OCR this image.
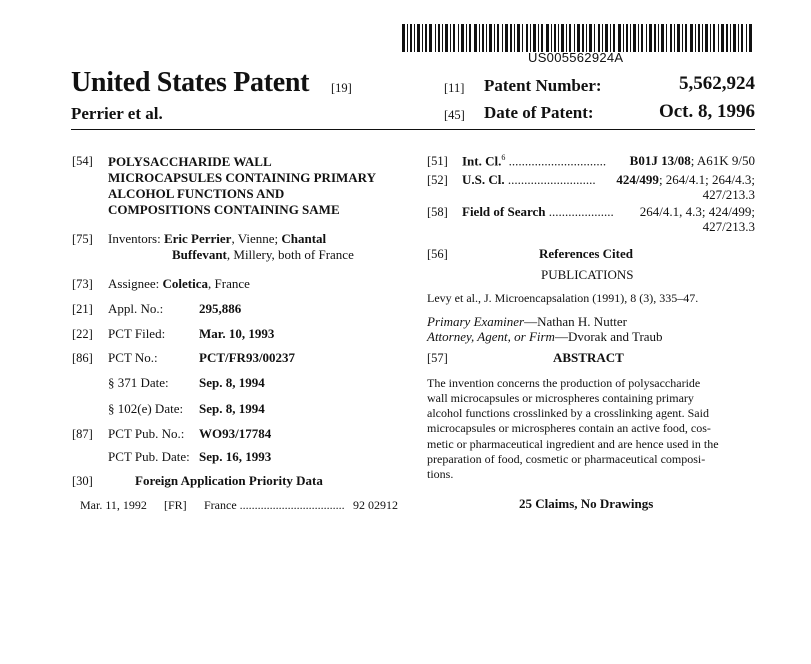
US005562924A
United States Patent [19]
Perrier et al.
[11] Patent Number:	5,562,924
[45] Date of Patent:	Oct. 8, 1996
[54] POLYSACCHARIDE WALL
MICROCAPSULES CONTAINING PRIMARY
ALCOHOL FUNCTIONS AND
COMPOSITIONS CONTAINING SAME
[75] Inventors: Eric Perrier, Vienne; Chantal
Buffevant, Millery, both of France
[73] Assignee: Coletica, France
[21] Appl. No.:	295,886
[22] PCT Filed:	Mar. 10, 1993
[86] PCT No.:	PCT/FR93/00237
§ 371 Date: Sep. 8, 1994
§ 102(e) Date: Sep. 8, 1994
[87] PCT Pub. No.: WO93/17784
PCT Pub. Date: Sep. 16, 1993
[30]	Foreign Application Priority Data
Mar. 11, 1992 [FR] France ................................... 92 02912
[51] Int. Cl.$^6$ .............................. B01J 13/08; A61K 9/50
[52] U.S. Cl. ........................... 424/499; 264/4.1; 264/4.3;
427/213.3
[58] Field of Search .................... 264/4.1, 4.3; 424/499;
427/213.3
[56]	References Cited
PUBLICATIONS
Levy et al., J. Microencapsalation (1991), 8 (3), 335–47.
Primary Examiner—Nathan H. Nutter
Attorney, Agent, or Firm—Dvorak and Traub
[57]	ABSTRACT
The invention concerns the production of polysaccharide
wall microcapsules or microspheres containing primary
alcohol functions crosslinked by a crosslinking agent. Said
microcapsules or microspheres contain an active food, cos-
metic or pharmaceutical ingredient and are hence used in the
preparation of food, cosmetic or pharmaceutical composi-
tions.
25 Claims, No Drawings
